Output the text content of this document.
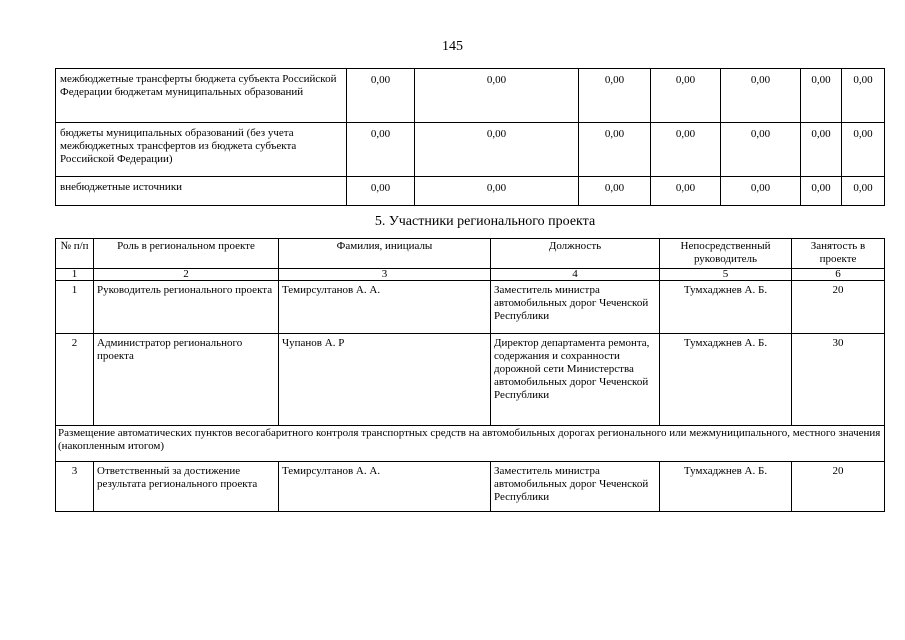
145
межбюджетные трансферты бюджета субъекта Российской Федерации бюджетам муниципальных образований	0,00	0,00	0,00	0,00	0,00	0,00	0,00
бюджеты муниципальных образований (без учета межбюджетных трансфертов из бюджета субъекта Российской Федерации)	0,00	0,00	0,00	0,00	0,00	0,00	0,00
внебюджетные источники	0,00	0,00	0,00	0,00	0,00	0,00	0,00
5. Участники регионального проекта
№ п/п	Роль в региональном проекте	Фамилия, инициалы	Должность	Непосредственный руководитель	Занятость в проекте
1	2	3	4	5	6
1	Руководитель регионального проекта	Темирсултанов А. А.	Заместитель министра автомобильных дорог Чеченской Республики	Тумхаджнев А. Б.	20
2	Администратор регионального проекта	Чупанов А. Р	Директор департамента ремонта, содержания и сохранности дорожной сети Министерства автомобильных дорог Чеченской Республики	Тумхаджнев А. Б.	30
Размещение автоматических пунктов весогабаритного контроля транспортных средств на автомобильных дорогах регионального или межмуниципального, местного значения (накопленным итогом)					
3	Ответственный за достижение результата регионального проекта	Темирсултанов А. А.	Заместитель министра автомобильных дорог Чеченской Республики	Тумхаджнев А. Б.	20
